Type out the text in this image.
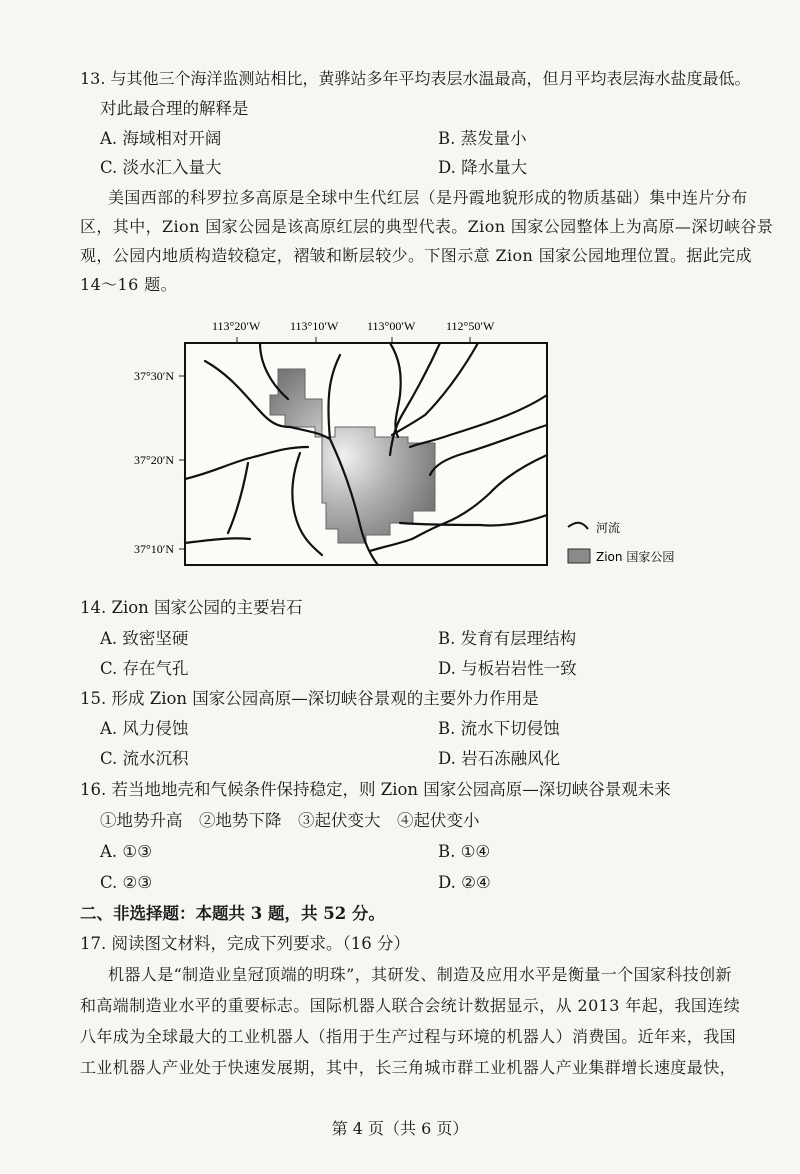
13. 与其他三个海洋监测站相比，黄骅站多年平均表层水温最高，但月平均表层海水盐度最低。
对此最合理的解释是
A. 海域相对开阔	B. 蒸发量小
C. 淡水汇入量大	D. 降水量大
美国西部的科罗拉多高原是全球中生代红层（是丹霞地貌形成的物质基础）集中连片分布
区，其中，Zion 国家公园是该高原红层的典型代表。Zion 国家公园整体上为高原—深切峡谷景
观，公园内地质构造较稳定，褶皱和断层较少。下图示意 Zion 国家公园地理位置。据此完成
14～16 题。
113°20′W 113°10′W 113°00′W	112°50′W
37°30′N
37°20′N
37°10′N
河流
Zion 国家公园
14. Zion 国家公园的主要岩石
A. 致密坚硬	B. 发育有层理结构
C. 存在气孔	D. 与板岩岩性一致
15. 形成 Zion 国家公园高原—深切峡谷景观的主要外力作用是
A. 风力侵蚀	B. 流水下切侵蚀
C. 流水沉积	D. 岩石冻融风化
16. 若当地地壳和气候条件保持稳定，则 Zion 国家公园高原—深切峡谷景观未来
①地势升高　②地势下降　③起伏变大　④起伏变小
A. ①③	B. ①④
C. ②③	D. ②④
二、非选择题：本题共 3 题，共 52 分。
17. 阅读图文材料，完成下列要求。（16 分）
机器人是“制造业皇冠顶端的明珠”，其研发、制造及应用水平是衡量一个国家科技创新
和高端制造业水平的重要标志。国际机器人联合会统计数据显示，从 2013 年起，我国连续
八年成为全球最大的工业机器人（指用于生产过程与环境的机器人）消费国。近年来，我国
工业机器人产业处于快速发展期，其中，长三角城市群工业机器人产业集群增长速度最快，
第 4 页（共 6 页）
